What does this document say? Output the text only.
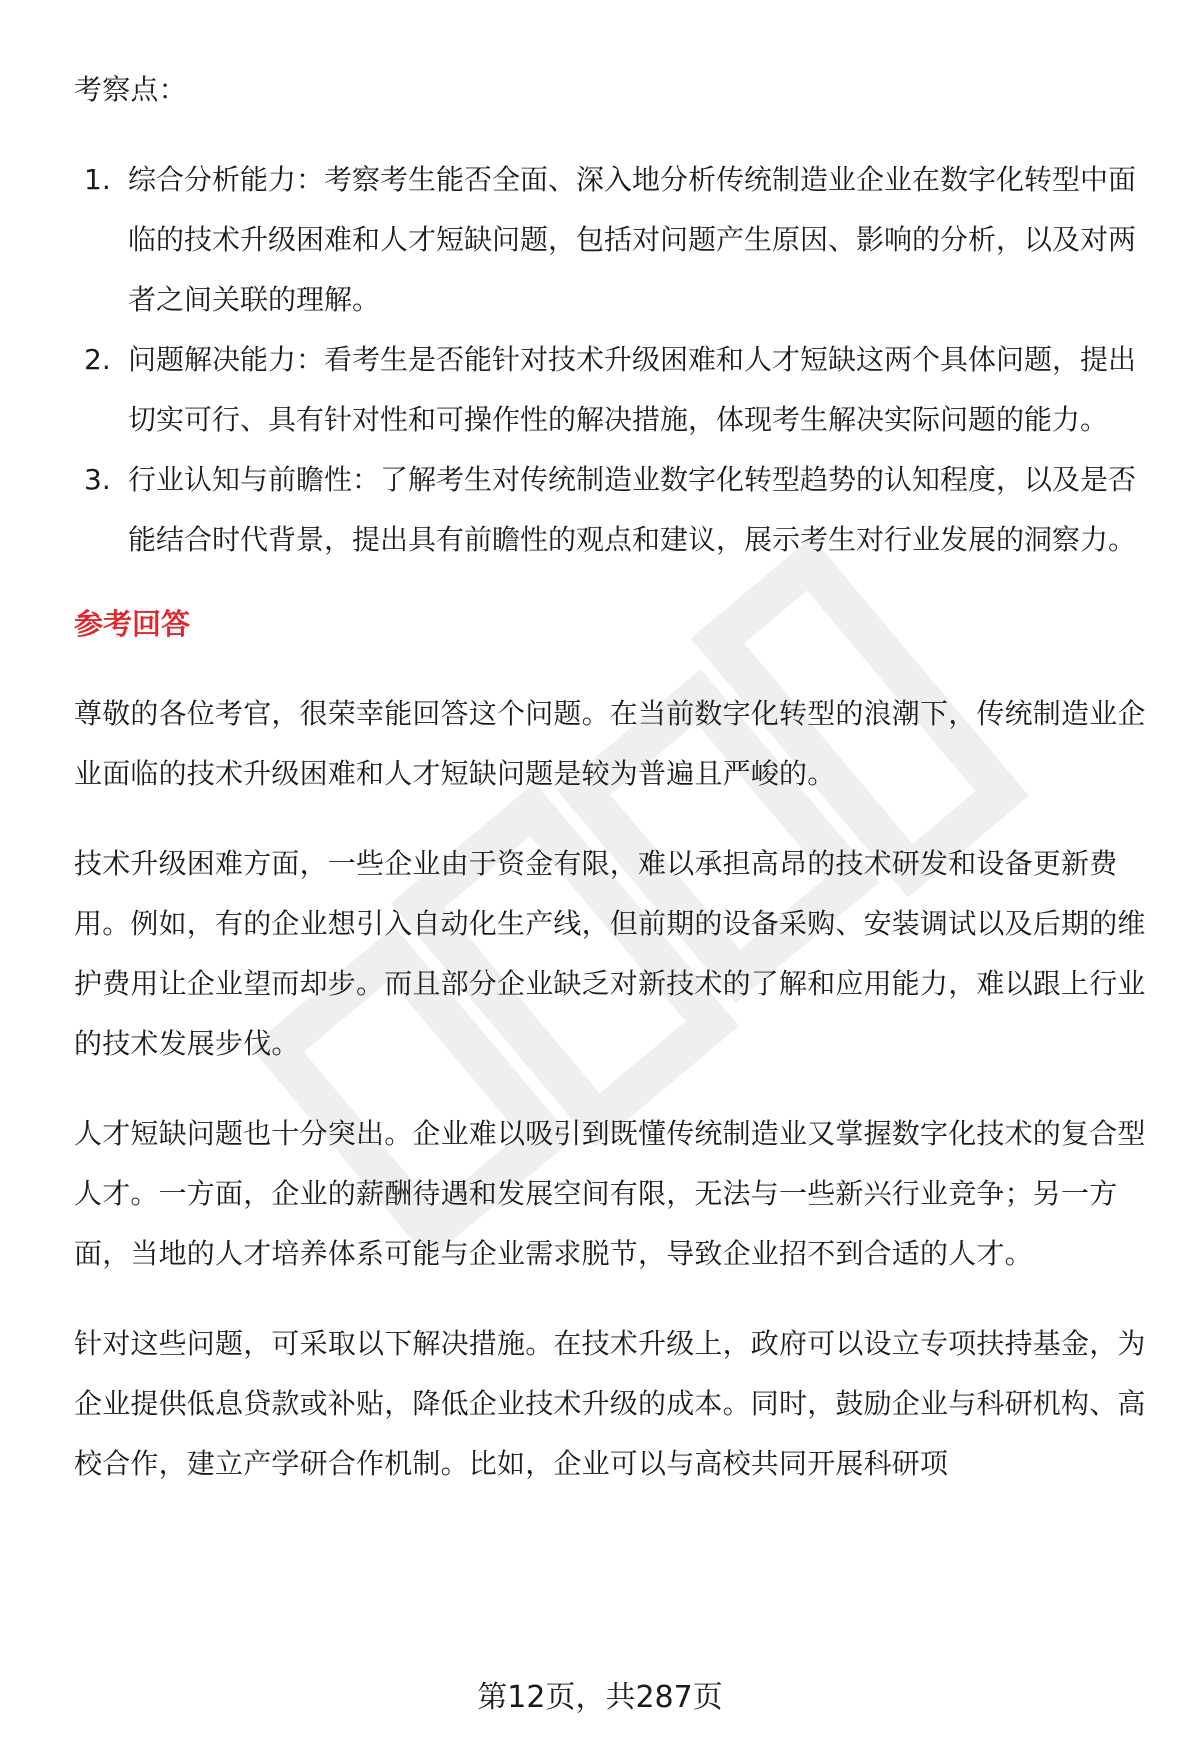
考察点：

1. 综合分析能力：考察考生能否全面、深入地分析传统制造业企业在数字化转型中面临的技术升级困难和人才短缺问题，包括对问题产生原因、影响的分析，以及对两者之间关联的理解。
2. 问题解决能力：看考生是否能针对技术升级困难和人才短缺这两个具体问题，提出切实可行、具有针对性和可操作性的解决措施，体现考生解决实际问题的能力。
3. 行业认知与前瞻性：了解考生对传统制造业数字化转型趋势的认知程度，以及是否能结合时代背景，提出具有前瞻性的观点和建议，展示考生对行业发展的洞察力。
参考回答

尊敬的各位考官，很荣幸能回答这个问题。在当前数字化转型的浪潮下，传统制造业企业面临的技术升级困难和人才短缺问题是较为普遍且严峻的。

技术升级困难方面，一些企业由于资金有限，难以承担高昂的技术研发和设备更新费用。例如，有的企业想引入自动化生产线，但前期的设备采购、安装调试以及后期的维护费用让企业望而却步。而且部分企业缺乏对新技术的了解和应用能力，难以跟上行业的技术发展步伐。

人才短缺问题也十分突出。企业难以吸引到既懂传统制造业又掌握数字化技术的复合型人才。一方面，企业的薪酬待遇和发展空间有限，无法与一些新兴行业竞争；另一方面，当地的人才培养体系可能与企业需求脱节，导致企业招不到合适的人才。

针对这些问题，可采取以下解决措施。在技术升级上，政府可以设立专项扶持基金，为企业提供低息贷款或补贴，降低企业技术升级的成本。同时，鼓励企业与科研机构、高校合作，建立产学研合作机制。比如，企业可以与高校共同开展科研项

第12页，共287页
